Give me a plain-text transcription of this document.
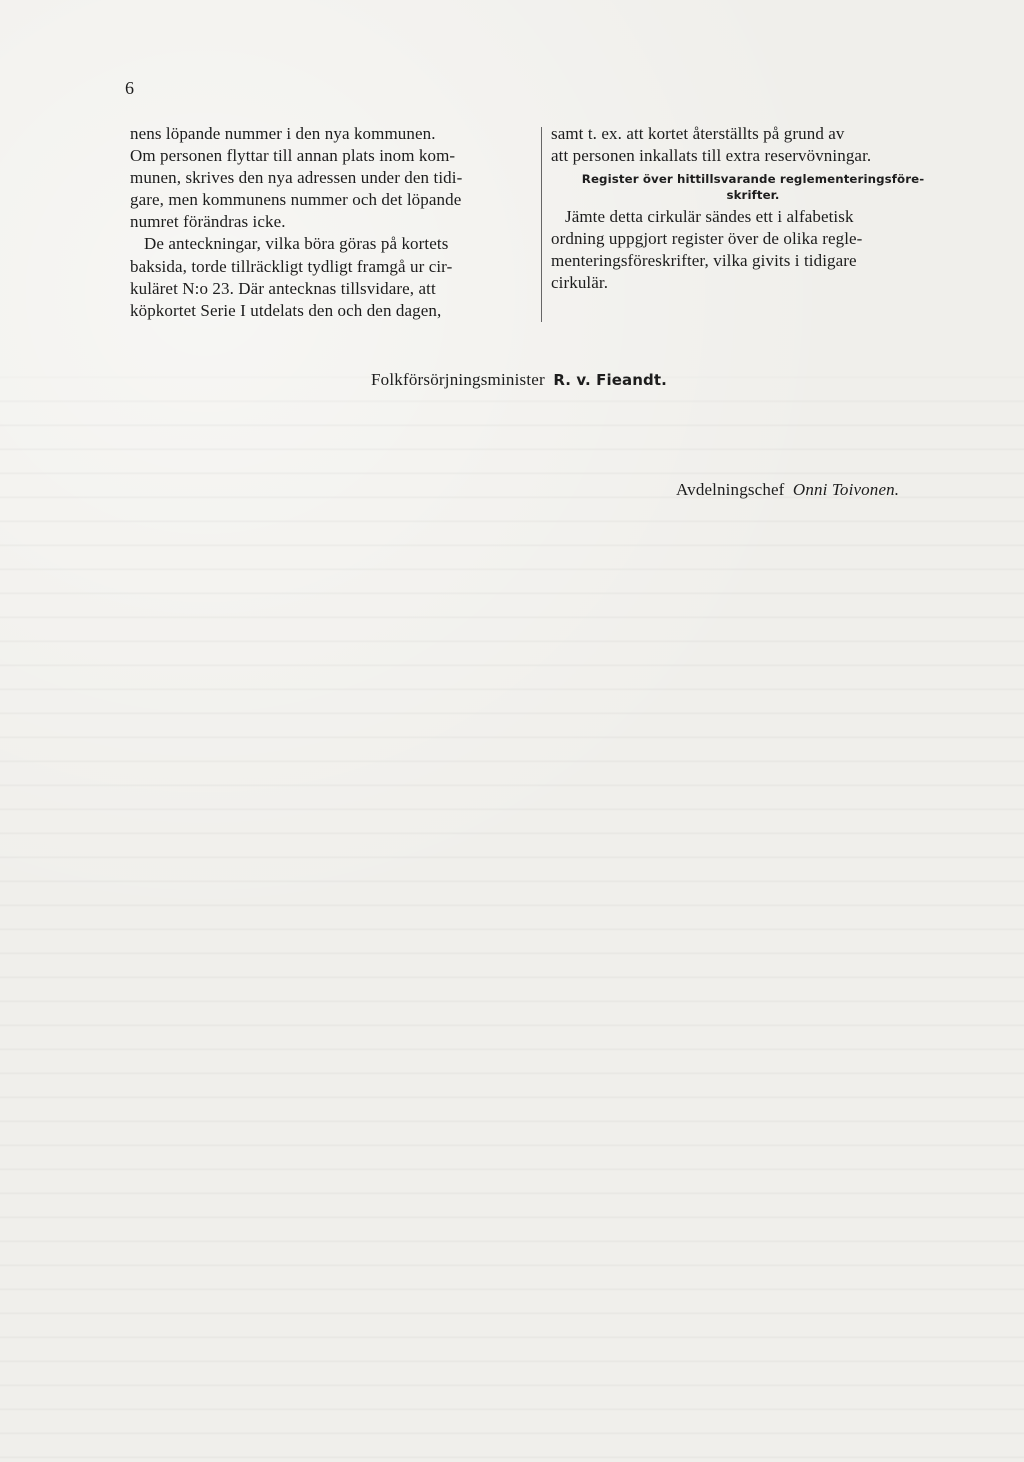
6

nens löpande nummer i den nya kommunen.

Om personen flyttar till annan plats inom kom-

munen, skrives den nya adressen under den tidi-

gare, men kommunens nummer och det löpande

numret förändras icke.

De anteckningar, vilka böra göras på kortets

baksida, torde tillräckligt tydligt framgå ur cir-

kuläret N:o 23. Där antecknas tillsvidare, att

köpkortet Serie I utdelats den och den dagen,

samt t. ex. att kortet återställts på grund av

att personen inkallats till extra reservövningar.

Register över hittillsvarande reglementeringsföre-
skrifter.

Jämte detta cirkulär sändes ett i alfabetisk

ordning uppgjort register över de olika regle-

menteringsföreskrifter, vilka givits i tidigare

cirkulär.

Folkförsörjningsminister R. v. Fieandt.
Avdelningschef Onni Toivonen.
